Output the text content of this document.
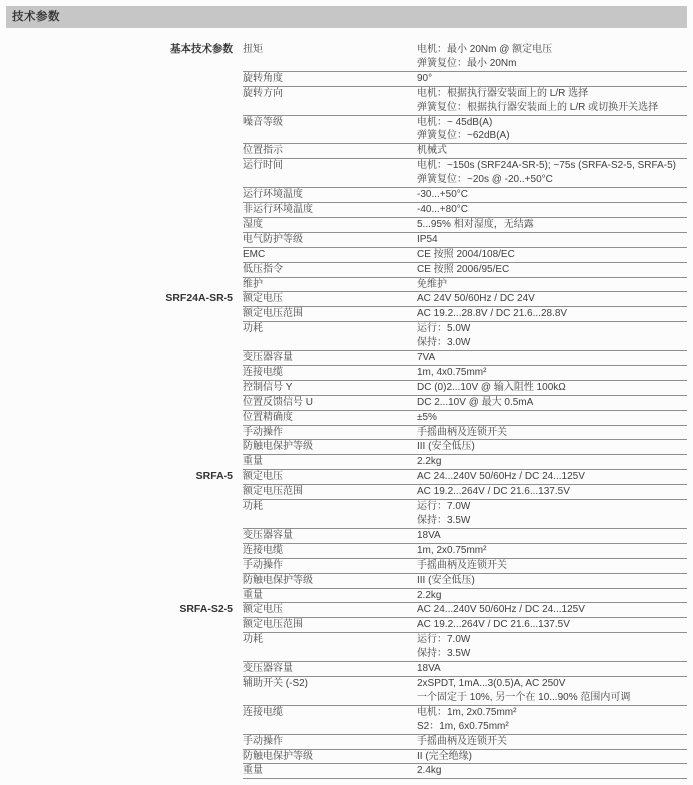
技术参数
基本技术参数 扭矩	电机：最小 20Nm @ 额定电压
弹簧复位：最小 20Nm
旋转角度	90°
旋转方向	电机：根据执行器安装面上的 L/R 选择
弹簧复位：根据执行器安装面上的 L/R 或切换开关选择
噪音等级	电机：~ 45dB(A)
弹簧复位：~62dB(A)
位置指示	机械式
运行时间	电机：~150s (SRF24A-SR-5); ~75s (SRFA-S2-5, SRFA-5)
弹簧复位：~20s @ -20..+50°C
运行环境温度	-30...+50°C
非运行环境温度	-40...+80°C
湿度	5...95% 相对湿度，无结露
电气防护等级	IP54
EMC	CE 按照 2004/108/EC
低压指令	CE 按照 2006/95/EC
维护	免维护
SRF24A-SR-5 额定电压	AC 24V 50/60Hz / DC 24V
额定电压范围	AC 19.2...28.8V / DC 21.6...28.8V
功耗	运行：5.0W
保持：3.0W
变压器容量	7VA
连接电缆	1m, 4x0.75mm²
控制信号 Y	DC (0)2...10V @ 输入阻性 100kΩ
位置反馈信号 U	DC 2...10V @ 最大 0.5mA
位置精确度	±5%
手动操作	手摇曲柄及连锁开关
防触电保护等级	III (安全低压)
重量	2.2kg
SRFA-5 额定电压	AC 24...240V 50/60Hz / DC 24...125V
额定电压范围	AC 19.2...264V / DC 21.6...137.5V
功耗	运行：7.0W
保持：3.5W
变压器容量	18VA
连接电缆	1m, 2x0.75mm²
手动操作	手摇曲柄及连锁开关
防触电保护等级	III (安全低压)
重量	2.2kg
SRFA-S2-5 额定电压	AC 24...240V 50/60Hz / DC 24...125V
额定电压范围	AC 19.2...264V / DC 21.6...137.5V
功耗	运行：7.0W
保持：3.5W
变压器容量	18VA
辅助开关 (-S2)	2xSPDT, 1mA...3(0.5)A, AC 250V
一个固定于 10%, 另一个在 10...90% 范围内可调
连接电缆	电机：1m, 2x0.75mm²
S2：1m, 6x0.75mm²
手动操作	手摇曲柄及连锁开关
防触电保护等级	II (完全绝缘)
重量	2.4kg
